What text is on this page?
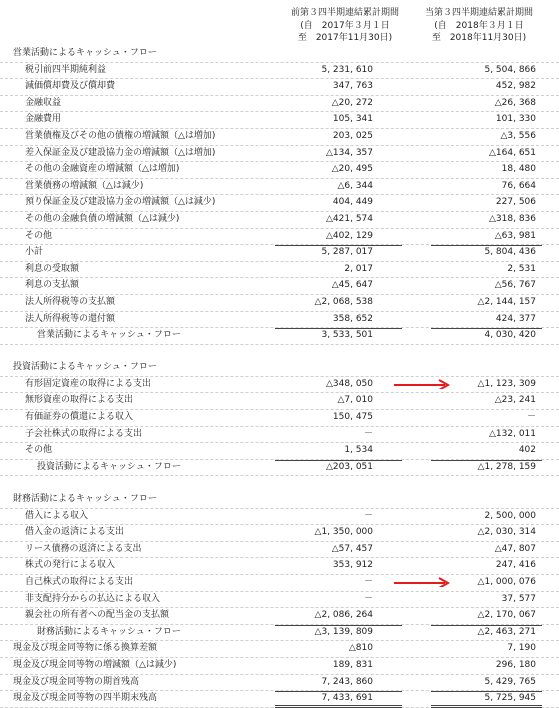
前第３四半期連結累計期間
(自　2017年３月１日
至　2017年11月30日)
当第３四半期連結累計期間
(自　2018年３月１日
至　2018年11月30日)
営業活動によるキャッシュ・フロー
税引前四半期純利益	5, 231, 610	5, 504, 866
減価償却費及び償却費	347, 763	452, 982
金融収益	△20, 272	△26, 368
金融費用	105, 341	101, 330
営業債権及びその他の債権の増減額（△は増加)	203, 025	△3, 556
差入保証金及び建設協力金の増減額（△は増加)	△134, 357	△164, 651
その他の金融資産の増減額（△は増加)	△20, 495	18, 480
営業債務の増減額（△は減少)	△6, 344	76, 664
預り保証金及び建設協力金の増減額（△は減少)	404, 449	227, 506
その他の金融負債の増減額（△は減少)	△421, 574	△318, 836
その他	△402, 129	△63, 981
小計	5, 287, 017	5, 804, 436
利息の受取額	2, 017	2, 531
利息の支払額	△45, 647	△56, 767
法人所得税等の支払額	△2, 068, 538	△2, 144, 157
法人所得税等の還付額	358, 652	424, 377
営業活動によるキャッシュ・フロー	3, 533, 501	4, 030, 420
投資活動によるキャッシュ・フロー
有形固定資産の取得による支出	△348, 050	△1, 123, 309
無形資産の取得による支出	△7, 010	△23, 241
有価証券の償還による収入	150, 475	－
子会社株式の取得による支出	－	△132, 011
その他	1, 534	402
投資活動によるキャッシュ・フロー	△203, 051	△1, 278, 159
財務活動によるキャッシュ・フロー
借入による収入	－	2, 500, 000
借入金の返済による支出	△1, 350, 000	△2, 030, 314
リース債務の返済による支出	△57, 457	△47, 807
株式の発行による収入	353, 912	247, 416
自己株式の取得による支出	－	△1, 000, 076
非支配持分からの払込による収入	－	37, 577
親会社の所有者への配当金の支払額	△2, 086, 264	△2, 170, 067
財務活動によるキャッシュ・フロー	△3, 139, 809	△2, 463, 271
現金及び現金同等物に係る換算差額	△810	7, 190
現金及び現金同等物の増減額（△は減少)	189, 831	296, 180
現金及び現金同等物の期首残高	7, 243, 860	5, 429, 765
現金及び現金同等物の四半期末残高	7, 433, 691	5, 725, 945
